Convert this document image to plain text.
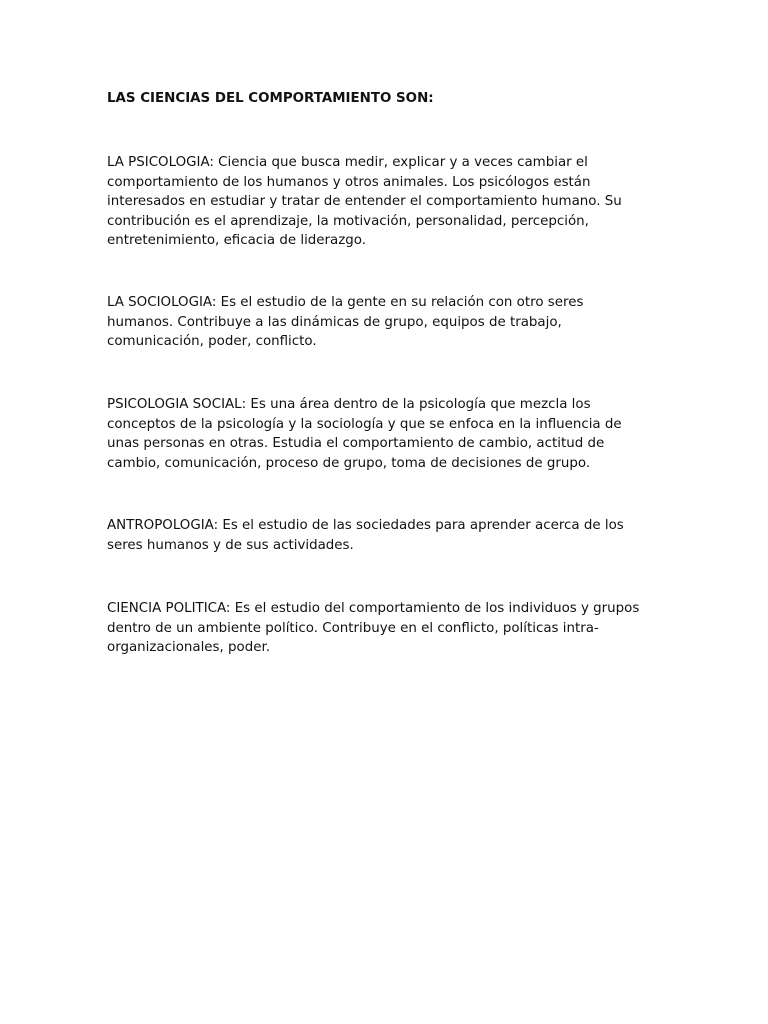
LAS CIENCIAS DEL COMPORTAMIENTO SON:

LA PSICOLOGIA: Ciencia que busca medir, explicar y a veces cambiar el
comportamiento de los humanos y otros animales. Los psicólogos están
interesados en estudiar y tratar de entender el comportamiento humano. Su
contribución es el aprendizaje, la motivación, personalidad, percepción,
entretenimiento, eficacia de liderazgo.

LA SOCIOLOGIA: Es el estudio de la gente en su relación con otro seres
humanos. Contribuye a las dinámicas de grupo, equipos de trabajo,
comunicación, poder, conflicto.

PSICOLOGIA SOCIAL: Es una área dentro de la psicología que mezcla los
conceptos de la psicología y la sociología y que se enfoca en la influencia de
unas personas en otras. Estudia el comportamiento de cambio, actitud de
cambio, comunicación, proceso de grupo, toma de decisiones de grupo.

ANTROPOLOGIA: Es el estudio de las sociedades para aprender acerca de los
seres humanos y de sus actividades.

CIENCIA POLITICA: Es el estudio del comportamiento de los individuos y grupos
dentro de un ambiente político. Contribuye en el conflicto, políticas intra-
organizacionales, poder.
